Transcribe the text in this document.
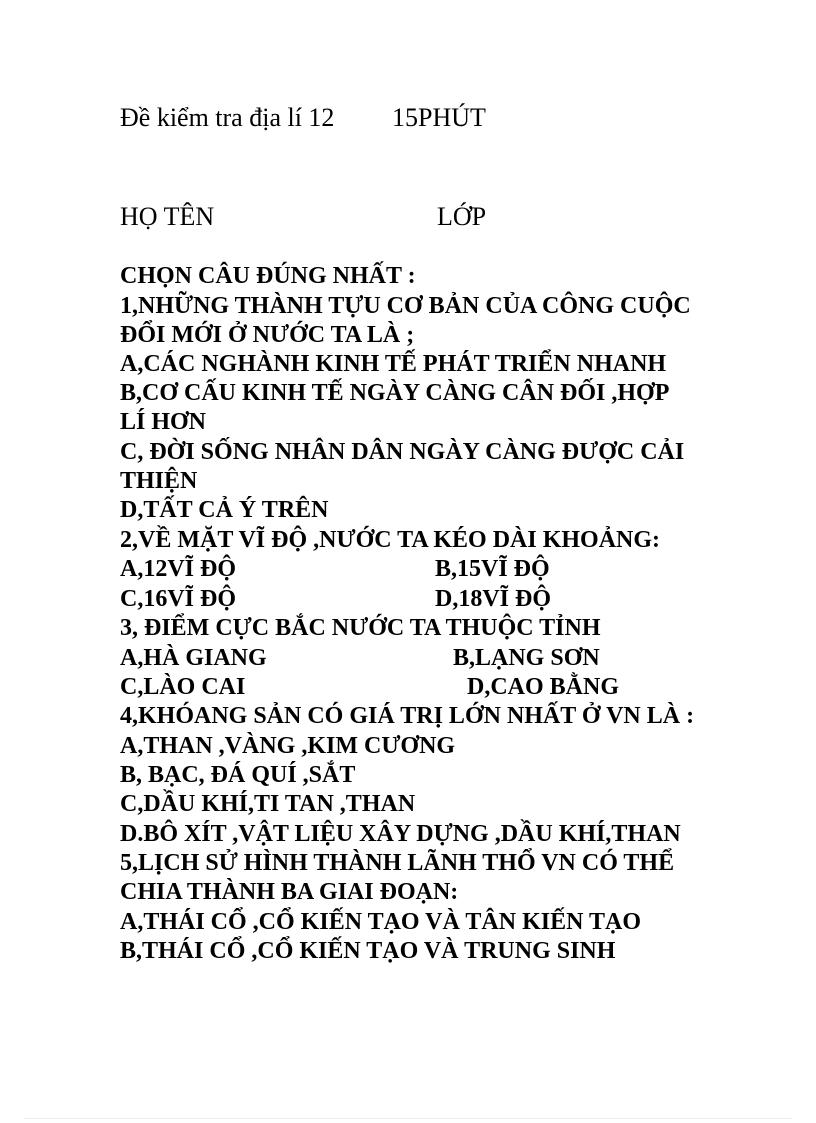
Đề kiểm tra địa lí 12 15PHÚT
HỌ TÊN	LỚP
CHỌN CÂU ĐÚNG NHẤT :
1,NHỮNG THÀNH TỰU CƠ BẢN CỦA CÔNG CUỘC
ĐỔI MỚI Ở NƯỚC TA LÀ ;
A,CÁC NGHÀNH KINH TẾ PHÁT TRIỂN NHANH
B,CƠ CẤU KINH TẾ NGÀY CÀNG CÂN ĐỐI ,HỢP
LÍ HƠN
C, ĐỜI SỐNG NHÂN DÂN NGÀY CÀNG ĐƯỢC CẢI
THIỆN
D,TẤT CẢ Ý TRÊN
2,VỀ MẶT VĨ ĐỘ ,NƯỚC TA KÉO DÀI KHOẢNG:
A,12VĨ ĐỘ	B,15VĨ ĐỘ
C,16VĨ ĐỘ	D,18VĨ ĐỘ
3, ĐIỂM CỰC BẮC NƯỚC TA THUỘC TỈNH
A,HÀ GIANG	B,LẠNG SƠN
C,LÀO CAI	D,CAO BẰNG
4,KHÓANG SẢN CÓ GIÁ TRỊ LỚN NHẤT Ở VN LÀ :
A,THAN ,VÀNG ,KIM CƯƠNG
B, BẠC, ĐÁ QUÍ ,SẮT
C,DẦU KHÍ,TI TAN ,THAN
D.BÔ XÍT ,VẬT LIỆU XÂY DỰNG ,DẦU KHÍ,THAN
5,LỊCH SỬ HÌNH THÀNH LÃNH THỔ VN CÓ THỂ
CHIA THÀNH BA GIAI ĐOẠN:
A,THÁI CỔ ,CỔ KIẾN TẠO VÀ TÂN KIẾN TẠO
B,THÁI CỔ ,CỔ KIẾN TẠO VÀ TRUNG SINH
